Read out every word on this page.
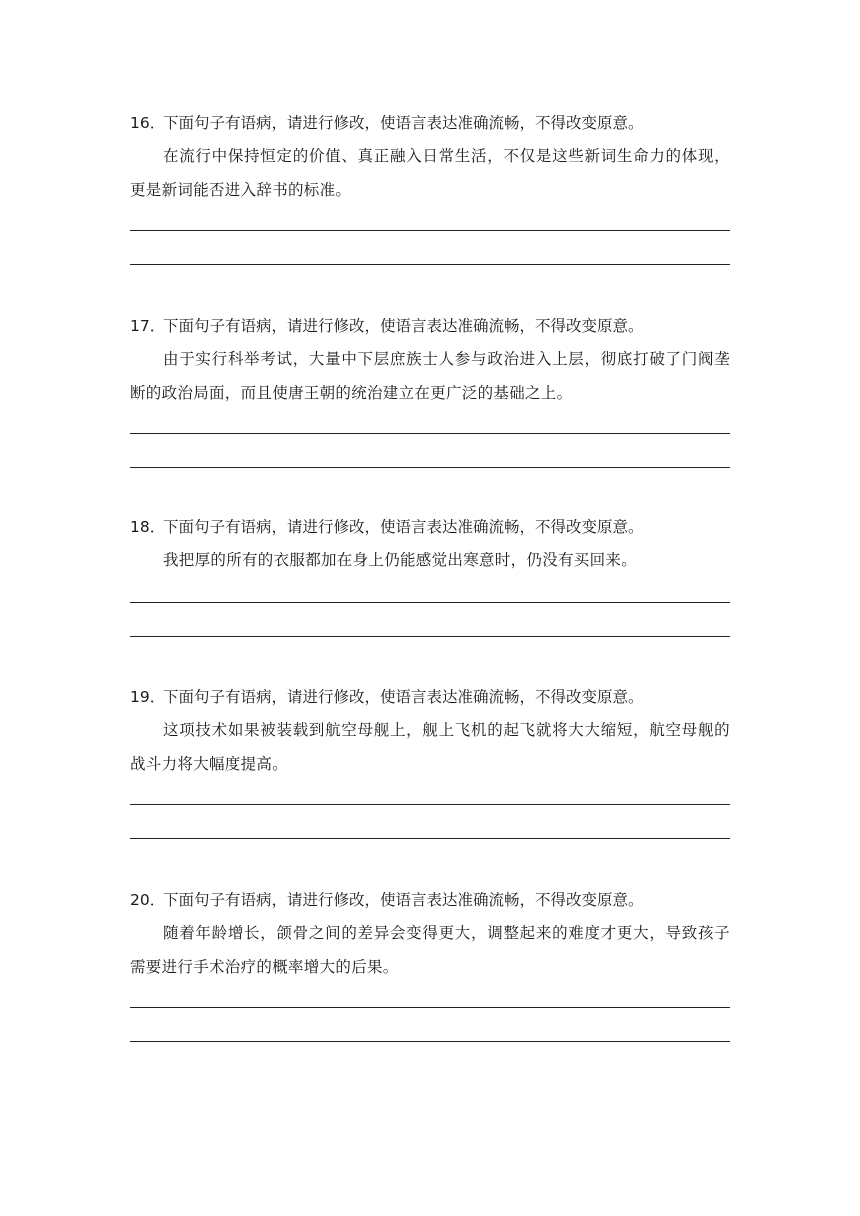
16．下面句子有语病，请进行修改，使语言表达准确流畅，不得改变原意。
在流行中保持恒定的价值、真正融入日常生活，不仅是这些新词生命力的体现，更是新词能否进入辞书的标准。
17．下面句子有语病，请进行修改，使语言表达准确流畅，不得改变原意。
由于实行科举考试，大量中下层庶族士人参与政治进入上层，彻底打破了门阀垄断的政治局面，而且使唐王朝的统治建立在更广泛的基础之上。
18．下面句子有语病，请进行修改，使语言表达准确流畅，不得改变原意。
我把厚的所有的衣服都加在身上仍能感觉出寒意时，仍没有买回来。
19．下面句子有语病，请进行修改，使语言表达准确流畅，不得改变原意。
这项技术如果被装载到航空母舰上，舰上飞机的起飞就将大大缩短，航空母舰的战斗力将大幅度提高。
20．下面句子有语病，请进行修改，使语言表达准确流畅，不得改变原意。
随着年龄增长，颌骨之间的差异会变得更大，调整起来的难度才更大，导致孩子需要进行手术治疗的概率增大的后果。
